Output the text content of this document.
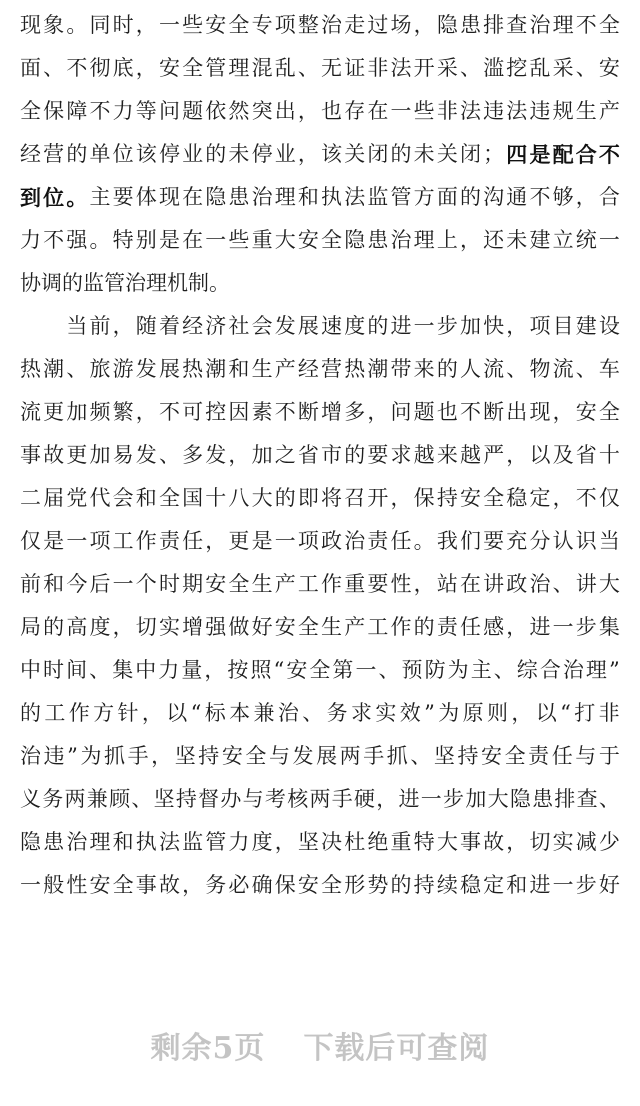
现 象 。 同 时 ， 一 些 安 全 专 项 整 治 走 过 场 ， 隐 患 排 查 治 理 不 全
面 、 不 彻 底 ， 安 全 管 理 混 乱 、 无 证 非 法 开 采 、 滥 挖 乱 采 、 安
全 保 障 不 力 等 问 题 依 然 突 出 ， 也 存 在 一 些 非 法 违 法 违 规 生 产
经 营 的 单 位 该 停 业 的 未 停 业 ， 该 关 闭 的 未 关 闭 ； 四 是 配 合 不
到 位 。 主 要 体 现 在 隐 患 治 理 和 执 法 监 管 方 面 的 沟 通 不 够 ， 合
力 不 强 。 特 别 是 在 一 些 重 大 安 全 隐 患 治 理 上 ， 还 未 建 立 统 一
协 调 的 监 管 治 理 机 制 。

当 前 ， 随 着 经 济 社 会 发 展 速 度 的 进 一 步 加 快 ， 项 目 建 设
热 潮 、 旅 游 发 展 热 潮 和 生 产 经 营 热 潮 带 来 的 人 流 、 物 流 、 车
流 更 加 频 繁 ， 不 可 控 因 素 不 断 增 多 ， 问 题 也 不 断 出 现 ， 安 全
事 故 更 加 易 发 、 多 发 ， 加 之 省 市 的 要 求 越 来 越 严 ， 以 及 省 十
二 届 党 代 会 和 全 国 十 八 大 的 即 将 召 开 ， 保 持 安 全 稳 定 ， 不 仅
仅 是 一 项 工 作 责 任 ， 更 是 一 项 政 治 责 任 。 我 们 要 充 分 认 识 当
前 和 今 后 一 个 时 期 安 全 生 产 工 作 重 要 性 ， 站 在 讲 政 治 、 讲 大
局 的 高 度 ， 切 实 增 强 做 好 安 全 生 产 工 作 的 责 任 感 ， 进 一 步 集
中 时 间 、 集 中 力 量 ， 按 照 “ 安 全 第 一 、 预 防 为 主 、 综 合 治 理 ”
的 工 作 方 针 ， 以 “ 标 本 兼 治 、 务 求 实 效 ” 为 原 则 ， 以 “ 打 非
治 违 ” 为 抓 手 ， 坚 持 安 全 与 发 展 两 手 抓 、 坚 持 安 全 责 任 与 于
义 务 两 兼 顾 、 坚 持 督 办 与 考 核 两 手 硬 ， 进 一 步 加 大 隐 患 排 查 、
隐 患 治 理 和 执 法 监 管 力 度 ， 坚 决 杜 绝 重 特 大 事 故 ， 切 实 减 少
一 般 性 安 全 事 故 ， 务 必 确 保 安 全 形 势 的 持 续 稳 定 和 进 一 步 好
剩余5页 下载后可查阅
